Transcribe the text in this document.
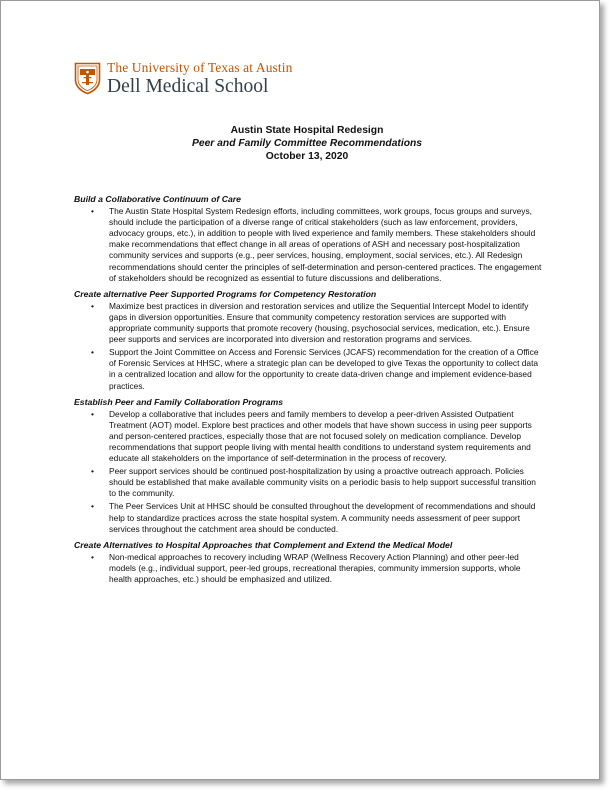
The University of Texas at Austin
Dell Medical School
Austin State Hospital Redesign
Peer and Family Committee Recommendations
October 13, 2020
Build a Collaborative Continuum of Care
• The Austin State Hospital System Redesign efforts, including committees, work groups, focus groups and surveys, should include the participation of a diverse range of critical stakeholders (such as law enforcement, providers, advocacy groups, etc.), in addition to people with lived experience and family members. These stakeholders should make recommendations that effect change in all areas of operations of ASH and necessary post-hospitalization community services and supports (e.g., peer services, housing, employment, social services, etc.). All Redesign recommendations should center the principles of self-determination and person-centered practices. The engagement of stakeholders should be recognized as essential to future discussions and deliberations.
Create alternative Peer Supported Programs for Competency Restoration
• Maximize best practices in diversion and restoration services and utilize the Sequential Intercept Model to identify gaps in diversion opportunities. Ensure that community competency restoration services are supported with appropriate community supports that promote recovery (housing, psychosocial services, medication, etc.). Ensure peer supports and services are incorporated into diversion and restoration programs and services.
• Support the Joint Committee on Access and Forensic Services (JCAFS) recommendation for the creation of a Office of Forensic Services at HHSC, where a strategic plan can be developed to give Texas the opportunity to collect data in a centralized location and allow for the opportunity to create data-driven change and implement evidence-based practices.
Establish Peer and Family Collaboration Programs
• Develop a collaborative that includes peers and family members to develop a peer-driven Assisted Outpatient Treatment (AOT) model. Explore best practices and other models that have shown success in using peer supports and person-centered practices, especially those that are not focused solely on medication compliance. Develop recommendations that support people living with mental health conditions to understand system requirements and educate all stakeholders on the importance of self-determination in the process of recovery.
• Peer support services should be continued post-hospitalization by using a proactive outreach approach. Policies should be established that make available community visits on a periodic basis to help support successful transition to the community.
• The Peer Services Unit at HHSC should be consulted throughout the development of recommendations and should help to standardize practices across the state hospital system. A community needs assessment of peer support services throughout the catchment area should be conducted.
Create Alternatives to Hospital Approaches that Complement and Extend the Medical Model
• Non-medical approaches to recovery including WRAP (Wellness Recovery Action Planning) and other peer-led models (e.g., individual support, peer-led groups, recreational therapies, community immersion supports, whole health approaches, etc.) should be emphasized and utilized.
